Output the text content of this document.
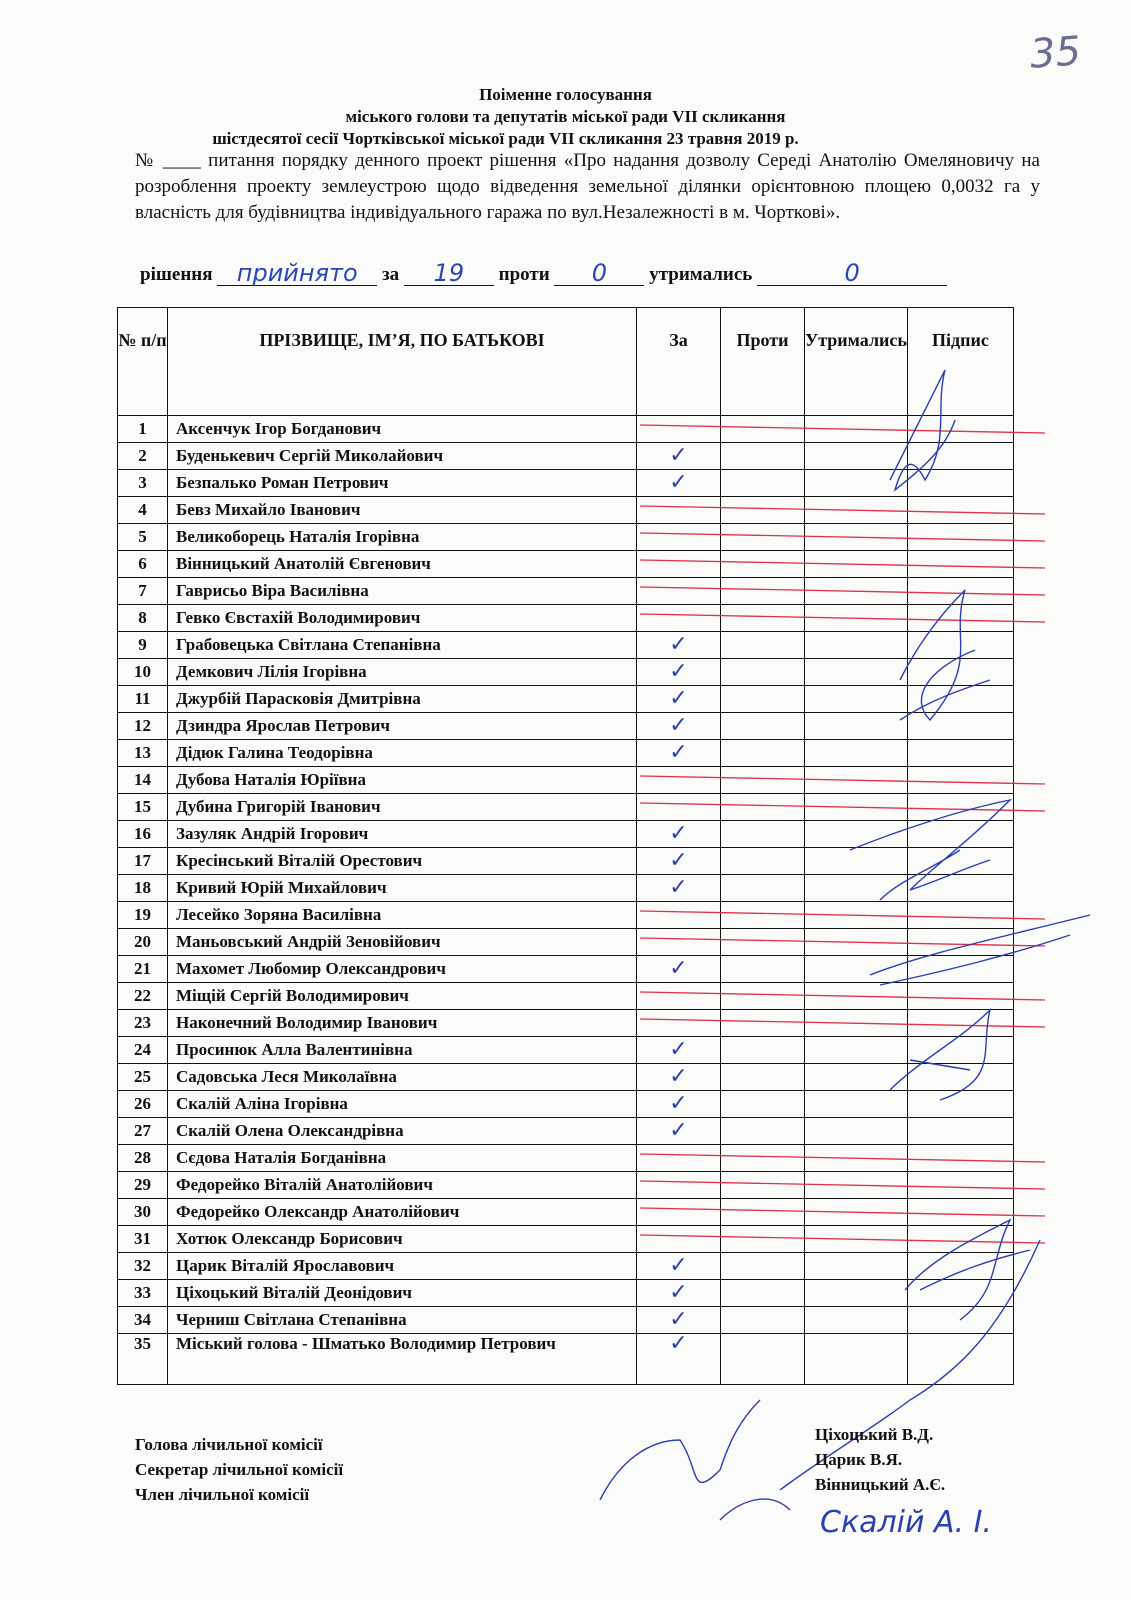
35
Поіменне голосування
міського голови та депутатів міської ради VII скликання
шістдесятої сесії Чортківської міської ради VII скликання 23 травня 2019 р.
№ ____ питання порядку денного проект рішення «Про надання дозволу Середі Анатолію Омеляновичу на розроблення проекту землеустрою щодо відведення земельної ділянки орієнтовною площею 0,0032 га у власність для будівництва індивідуального гаража по вул.Незалежності в м. Чорткові».
рішення	прийнято	за	19	проти	0	утримались	0
№ п/п	ПРІЗВИЩЕ, ІМ’Я, ПО БАТЬКОВІ	За	Проти	Утримались	Підпис
1	Аксенчук Ігор Богданович	

2	Буденькевич Сергій Миколайович	✓			

3	Безпалько Роман Петрович	✓			

4	Бевз Михайло Іванович	

5	Великоборець Наталія Ігорівна	

6	Вінницький Анатолій Євгенович	

7	Гаврисьо Віра Василівна	

8	Гевко Євстахій Володимирович	

9	Грабовецька Світлана Степанівна	✓			

10	Демкович Лілія Ігорівна	✓			

11	Джурбій Парасковія Дмитрівна	✓			

12	Дзиндра Ярослав Петрович	✓			

13	Дідюк Галина Теодорівна	✓			

14	Дубова Наталія Юріївна	

15	Дубина Григорій Іванович	

16	Зазуляк Андрій Ігорович	✓			

17	Кресінський Віталій Орестович	✓			

18	Кривий Юрій Михайлович	✓			

19	Лесейко Зоряна Василівна	

20	Маньовський Андрій Зеновійович	

21	Махомет Любомир Олександрович	✓			

22	Міщій Сергій Володимирович	

23	Наконечний Володимир Іванович	

24	Просинюк Алла Валентинівна	✓			

25	Садовська Леся Миколаївна	✓			

26	Скалій Аліна Ігорівна	✓			

27	Скалій Олена Олександрівна	✓			

28	Сєдова Наталія Богданівна	

29	Федорейко Віталій Анатолійович	

30	Федорейко Олександр Анатолійович	

31	Хотюк Олександр Борисович	

32	Царик Віталій Ярославович	✓			

33	Ціхоцький Віталій Деонідович	✓			

34	Черниш Світлана Степанівна	✓			

35	Міський голова - Шматько Володимир Петрович	✓			

Скалій А. І.
Голова лічильної комісії
Секретар лічильної комісії
Член лічильної комісії
Ціхоцький В.Д.
Царик В.Я.
Вінницький А.Є.
